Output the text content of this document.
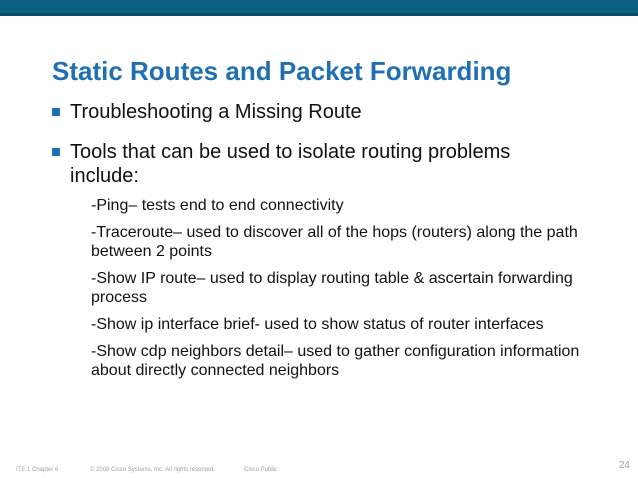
Static Routes and Packet Forwarding
Troubleshooting a Missing Route
Tools that can be used to isolate routing problems include:
-Ping– tests end to end connectivity
-Traceroute– used to discover all of the hops (routers) along the path between 2 points
-Show IP route– used to display routing table & ascertain forwarding process
-Show ip interface brief- used to show status of router interfaces
-Show cdp neighbors detail– used to gather configuration information about directly connected neighbors
ITE 1 Chapter 6	© 2006 Cisco Systems, Inc. All rights reserved.	Cisco Public	24
